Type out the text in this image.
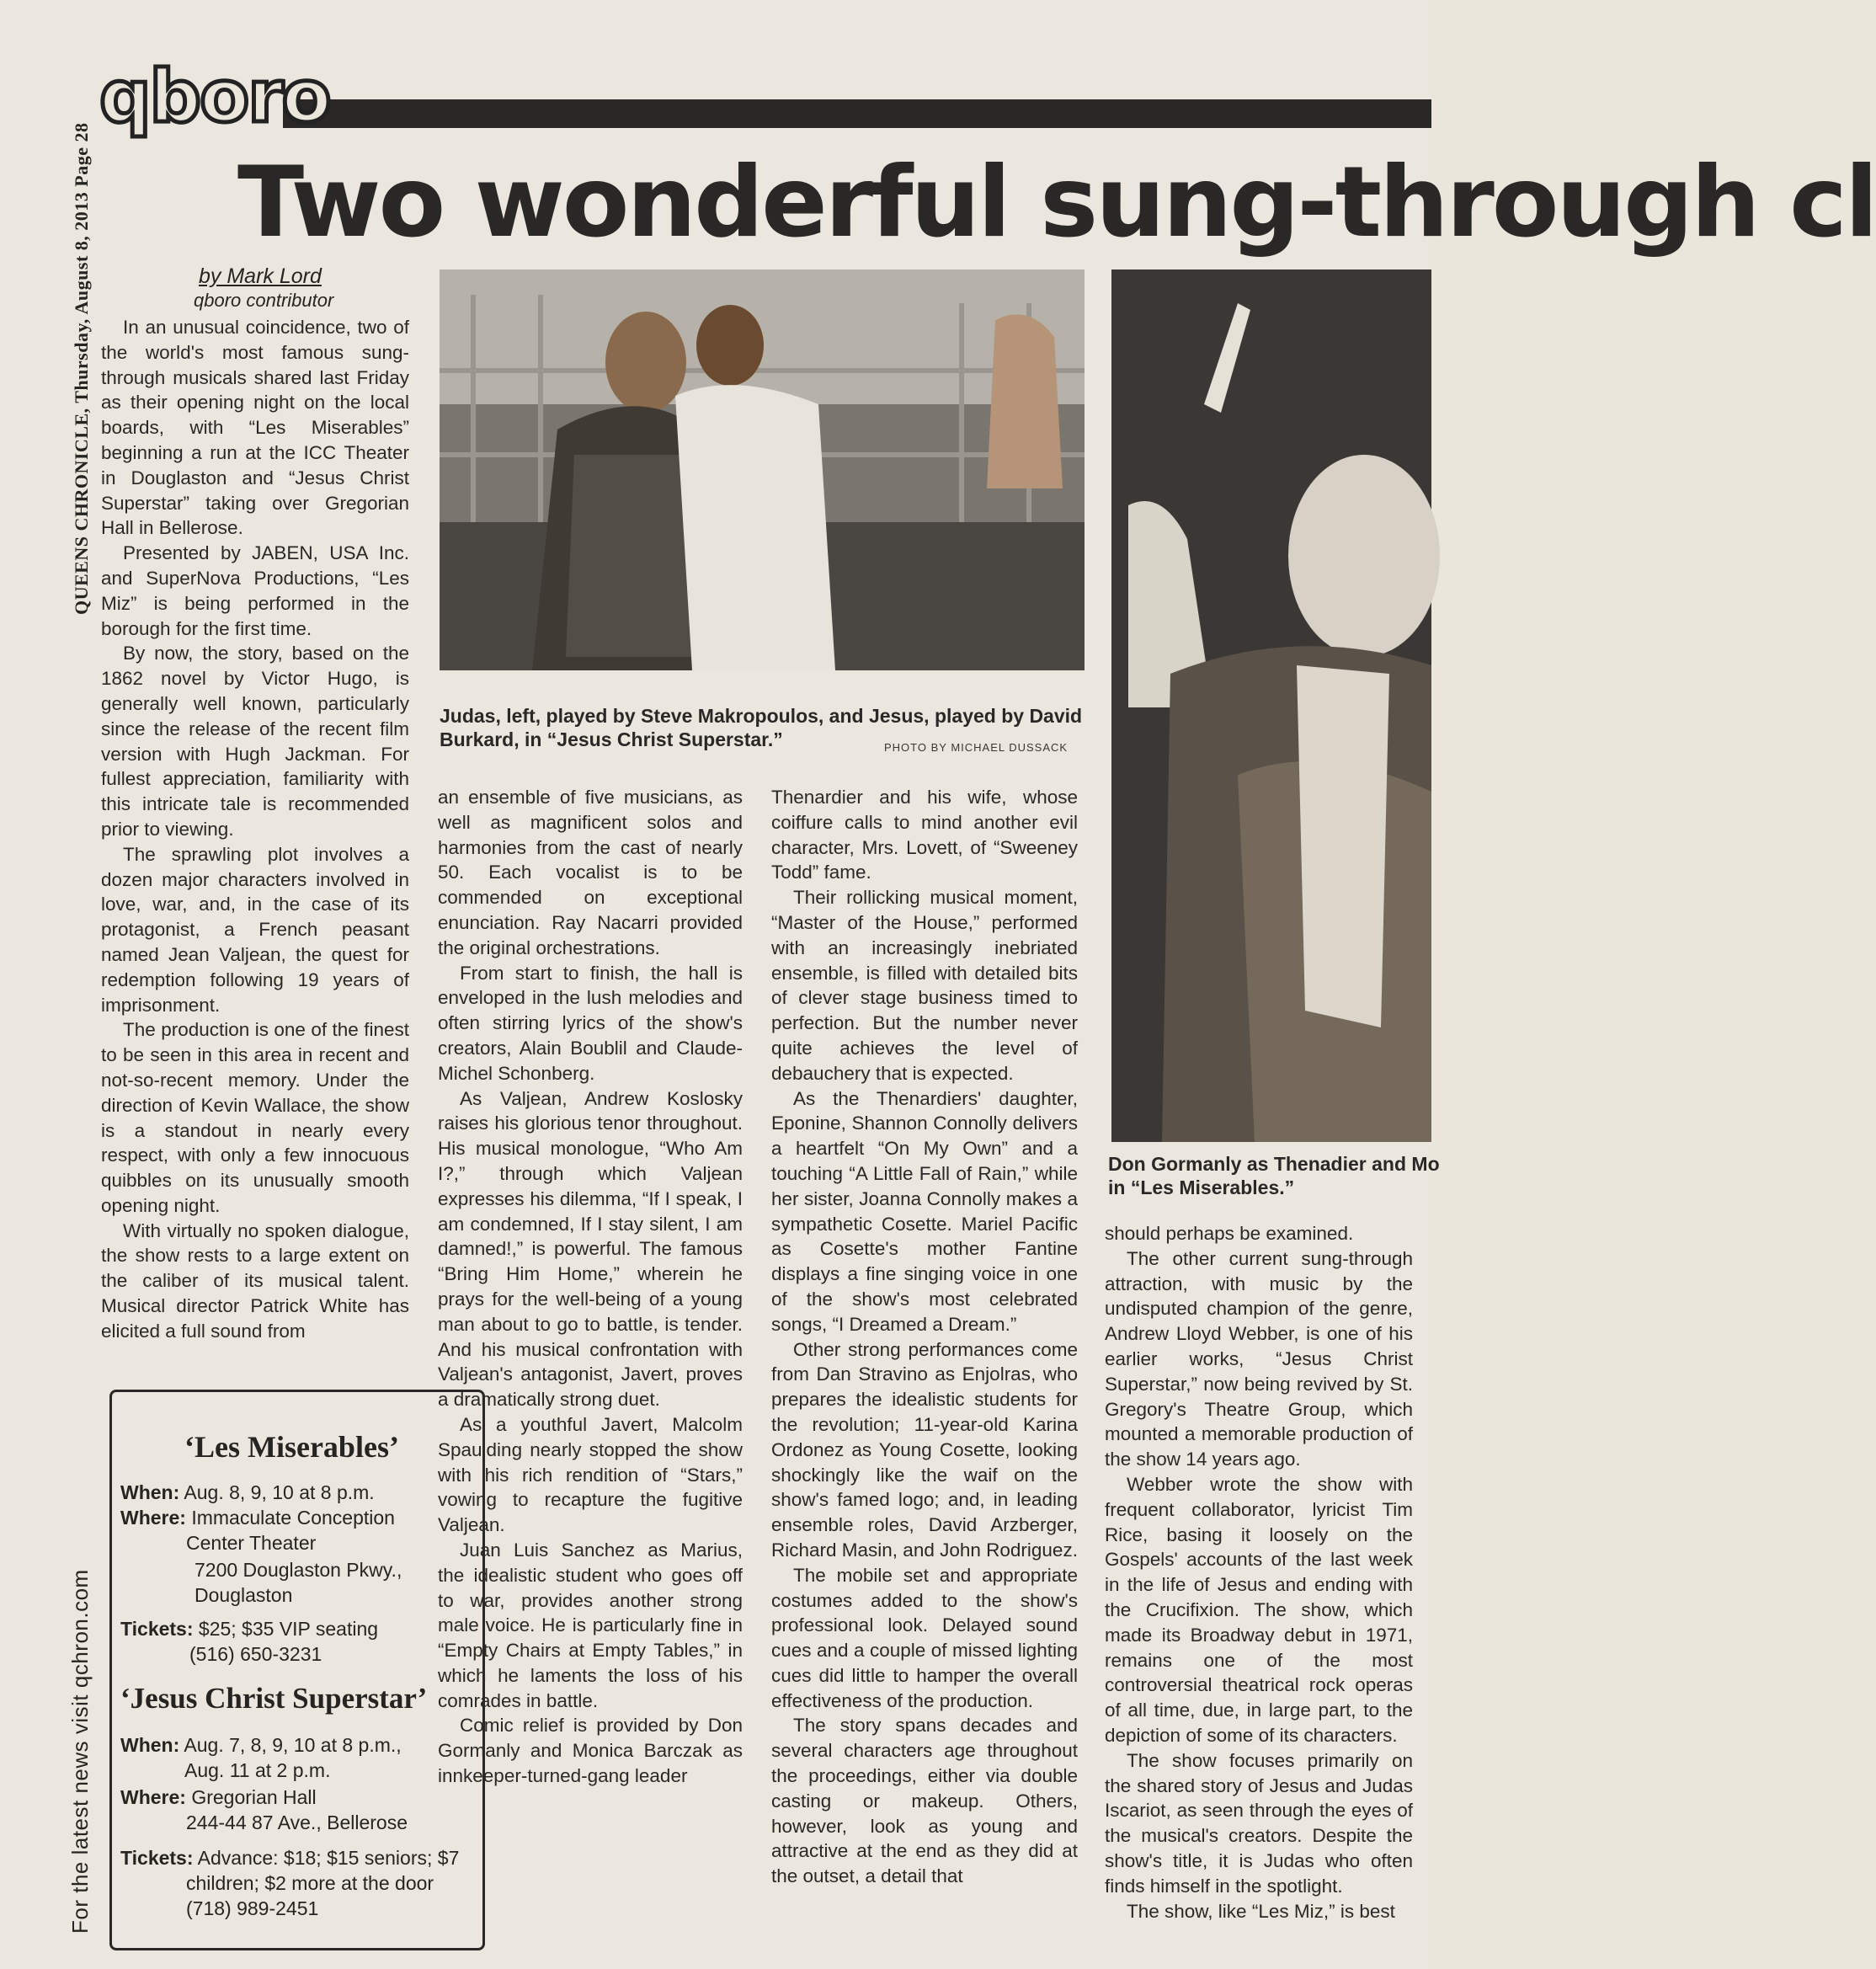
QUEENS CHRONICLE, Thursday, August 8, 2013 Page 28
For the latest news visit qchron.com
qboro
Two wonderful sung-through cl
by Mark Lord
qboro contributor

In an unusual coincidence, two of the world's most famous sung-through musicals shared last Friday as their opening night on the local boards, with “Les Miserables” beginning a run at the ICC Theater in Douglaston and “Jesus Christ Superstar” taking over Gregorian Hall in Bellerose.

Presented by JABEN, USA Inc. and SuperNova Productions, “Les Miz” is being performed in the borough for the first time.

By now, the story, based on the 1862 novel by Victor Hugo, is generally well known, particularly since the release of the recent film version with Hugh Jackman. For fullest appreciation, familiarity with this intricate tale is recommended prior to viewing.

The sprawling plot involves a dozen major characters involved in love, war, and, in the case of its protagonist, a French peasant named Jean Valjean, the quest for redemption following 19 years of imprisonment.

The production is one of the finest to be seen in this area in recent and not-so-recent memory. Under the direction of Kevin Wallace, the show is a standout in nearly every respect, with only a few innocuous quibbles on its unusually smooth opening night.

With virtually no spoken dialogue, the show rests to a large extent on the caliber of its musical talent. Musical director Patrick White has elicited a full sound from

Judas, left, played by Steve Makropoulos, and Jesus, played by David Burkard, in “Jesus Christ Superstar.”	PHOTO BY MICHAEL DUSSACK
Don Gormanly as Thenadier and Mo
in “Les Miserables.”

an ensemble of five musicians, as well as magnificent solos and harmonies from the cast of nearly 50. Each vocalist is to be commended on exceptional enunciation. Ray Nacarri provided the original orchestrations.

From start to finish, the hall is enveloped in the lush melodies and often stirring lyrics of the show's creators, Alain Boublil and Claude-Michel Schonberg.

As Valjean, Andrew Koslosky raises his glorious tenor throughout. His musical monologue, “Who Am I?,” through which Valjean expresses his dilemma, “If I speak, I am condemned, If I stay silent, I am damned!,” is powerful. The famous “Bring Him Home,” wherein he prays for the well-being of a young man about to go to battle, is tender. And his musical confrontation with Valjean's antagonist, Javert, proves a dramatically strong duet.

As a youthful Javert, Malcolm Spaulding nearly stopped the show with his rich rendition of “Stars,” vowing to recapture the fugitive Valjean.

Juan Luis Sanchez as Marius, the idealistic student who goes off to war, provides another strong male voice. He is particularly fine in “Empty Chairs at Empty Tables,” in which he laments the loss of his comrades in battle.

Comic relief is provided by Don Gormanly and Monica Barczak as innkeeper-turned-gang leader

Thenardier and his wife, whose coiffure calls to mind another evil character, Mrs. Lovett, of “Sweeney Todd” fame.

Their rollicking musical moment, “Master of the House,” performed with an increasingly inebriated ensemble, is filled with detailed bits of clever stage business timed to perfection. But the number never quite achieves the level of debauchery that is expected.

As the Thenardiers' daughter, Eponine, Shannon Connolly delivers a heartfelt “On My Own” and a touching “A Little Fall of Rain,” while her sister, Joanna Connolly makes a sympathetic Cosette. Mariel Pacific as Cosette's mother Fantine displays a fine singing voice in one of the show's most celebrated songs, “I Dreamed a Dream.”

Other strong performances come from Dan Stravino as Enjolras, who prepares the idealistic students for the revolution; 11-year-old Karina Ordonez as Young Cosette, looking shockingly like the waif on the show's famed logo; and, in leading ensemble roles, David Arzberger, Richard Masin, and John Rodriguez.

The mobile set and appropriate costumes added to the show's professional look. Delayed sound cues and a couple of missed lighting cues did little to hamper the overall effectiveness of the production.

The story spans decades and several characters age throughout the proceedings, either via double casting or makeup. Others, however, look as young and attractive at the end as they did at the outset, a detail that

should perhaps be examined.

The other current sung-through attraction, with music by the undisputed champion of the genre, Andrew Lloyd Webber, is one of his earlier works, “Jesus Christ Superstar,” now being revived by St. Gregory's Theatre Group, which mounted a memorable production of the show 14 years ago.

Webber wrote the show with frequent collaborator, lyricist Tim Rice, basing it loosely on the Gospels' accounts of the last week in the life of Jesus and ending with the Crucifixion. The show, which made its Broadway debut in 1971, remains one of the most controversial theatrical rock operas of all time, due, in large part, to the depiction of some of its characters.

The show focuses primarily on the shared story of Jesus and Judas Iscariot, as seen through the eyes of the musical's creators. Despite the show's title, it is Judas who often finds himself in the spotlight.

The show, like “Les Miz,” is best

‘Les Miserables’
When: Aug. 8, 9, 10 at 8 p.m.
Where: Immaculate Conception
Center Theater
7200 Douglaston Pkwy.,
Douglaston
Tickets: $25; $35 VIP seating
(516) 650-3231
‘Jesus Christ Superstar’
When: Aug. 7, 8, 9, 10 at 8 p.m.,
Aug. 11 at 2 p.m.
Where: Gregorian Hall
244-44 87 Ave., Bellerose
Tickets: Advance: $18; $15 seniors; $7
children; $2 more at the door
(718) 989-2451
